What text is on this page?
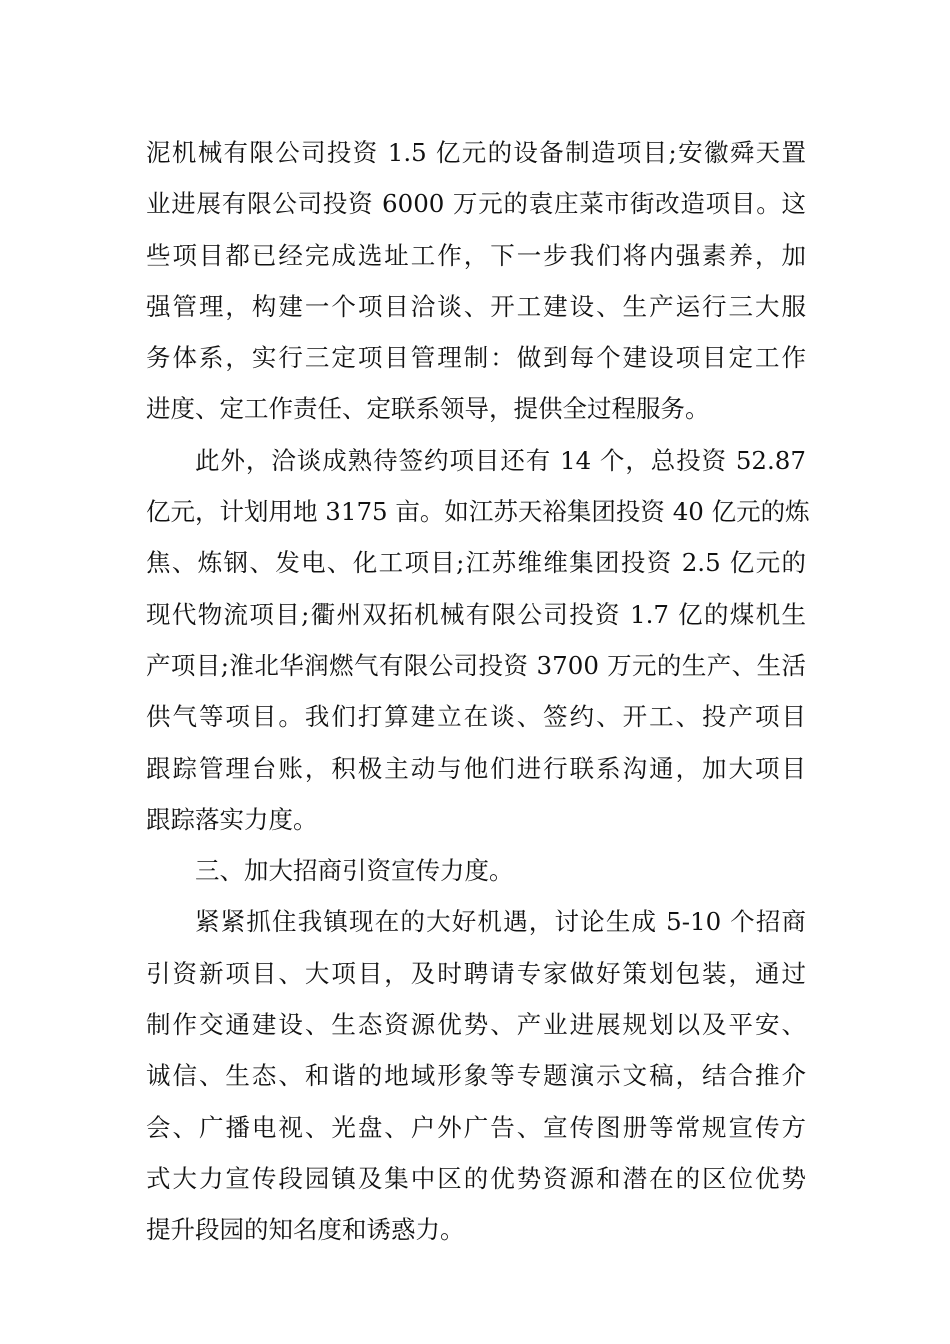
泥机械有限公司投资 1.5 亿元的设备制造项目;安徽舜天置
业进展有限公司投资 6000 万元的袁庄菜市街改造项目。这
些项目都已经完成选址工作，下一步我们将内强素养，加
强管理，构建一个项目洽谈、开工建设、生产运行三大服
务体系，实行三定项目管理制：做到每个建设项目定工作
进度、定工作责任、定联系领导，提供全过程服务。
此外，洽谈成熟待签约项目还有 14 个，总投资 52.87
亿元，计划用地 3175 亩。如江苏天裕集团投资 40 亿元的炼
焦、炼钢、发电、化工项目;江苏维维集团投资 2.5 亿元的
现代物流项目;衢州双拓机械有限公司投资 1.7 亿的煤机生
产项目;淮北华润燃气有限公司投资 3700 万元的生产、生活
供气等项目。我们打算建立在谈、签约、开工、投产项目
跟踪管理台账，积极主动与他们进行联系沟通，加大项目
跟踪落实力度。
三、加大招商引资宣传力度。
紧紧抓住我镇现在的大好机遇，讨论生成 5-10 个招商
引资新项目、大项目，及时聘请专家做好策划包装，通过
制作交通建设、生态资源优势、产业进展规划以及平安、
诚信、生态、和谐的地域形象等专题演示文稿，结合推介
会、广播电视、光盘、户外广告、宣传图册等常规宣传方
式大力宣传段园镇及集中区的优势资源和潜在的区位优势
提升段园的知名度和诱惑力。
